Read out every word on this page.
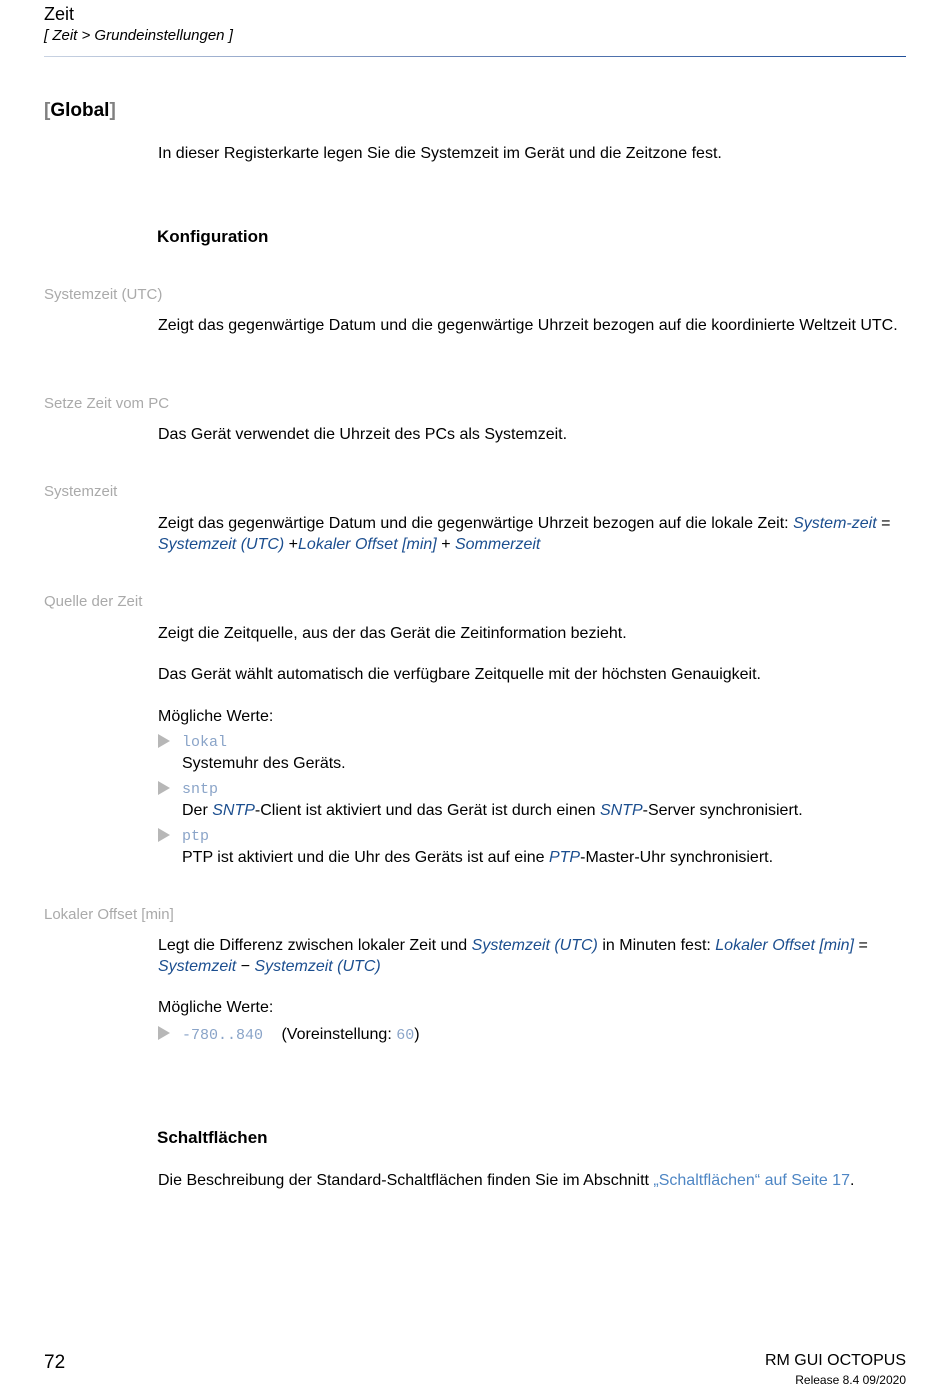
Zeit
[ Zeit > Grundeinstellungen ]
[Global]
In dieser Registerkarte legen Sie die Systemzeit im Gerät und die Zeitzone fest.
Konfiguration
Systemzeit (UTC)
Zeigt das gegenwärtige Datum und die gegenwärtige Uhrzeit bezogen auf die koordinierte Weltzeit UTC.
Setze Zeit vom PC
Das Gerät verwendet die Uhrzeit des PCs als Systemzeit.
Systemzeit
Zeigt das gegenwärtige Datum und die gegenwärtige Uhrzeit bezogen auf die lokale Zeit: System-zeit = Systemzeit (UTC) +Lokaler Offset [min] + Sommerzeit
Quelle der Zeit
Zeigt die Zeitquelle, aus der das Gerät die Zeitinformation bezieht.
Das Gerät wählt automatisch die verfügbare Zeitquelle mit der höchsten Genauigkeit.
Mögliche Werte:
lokal
Systemuhr des Geräts.
sntp
Der SNTP-Client ist aktiviert und das Gerät ist durch einen SNTP-Server synchronisiert.
ptp
PTP ist aktiviert und die Uhr des Geräts ist auf eine PTP-Master-Uhr synchronisiert.
Lokaler Offset [min]
Legt die Differenz zwischen lokaler Zeit und Systemzeit (UTC) in Minuten fest: Lokaler Offset [min] =
Systemzeit − Systemzeit (UTC)
Mögliche Werte:
-780..840 (Voreinstellung: 60)
Schaltflächen
Die Beschreibung der Standard-Schaltflächen finden Sie im Abschnitt „Schaltflächen“ auf Seite 17.
72	RM GUI OCTOPUS
Release 8.4 09/2020
